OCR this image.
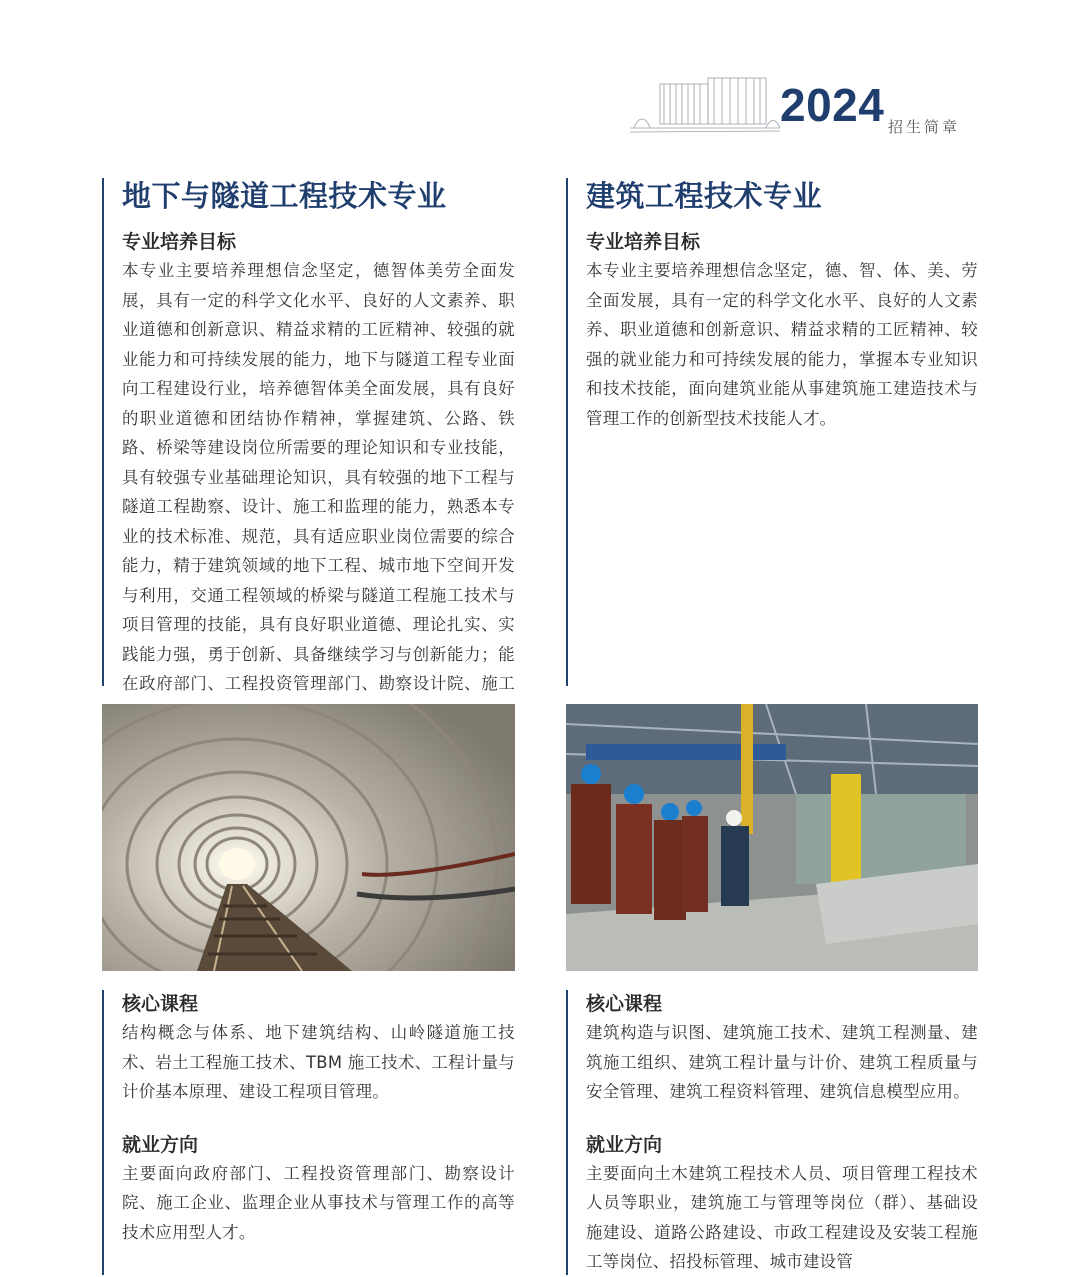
2024 招生简章
地下与隧道工程技术专业
专业培养目标

本专业主要培养理想信念坚定，德智体美劳全面发展，具有一定的科学文化水平、良好的人文素养、职业道德和创新意识、精益求精的工匠精神、较强的就业能力和可持续发展的能力，地下与隧道工程专业面向工程建设行业，培养德智体美全面发展，具有良好的职业道德和团结协作精神，掌握建筑、公路、铁路、桥梁等建设岗位所需要的理论知识和专业技能，具有较强专业基础理论知识，具有较强的地下工程与隧道工程勘察、设计、施工和监理的能力，熟悉本专业的技术标准、规范，具有适应职业岗位需要的综合能力，精于建筑领域的地下工程、城市地下空间开发与利用，交通工程领域的桥梁与隧道工程施工技术与项目管理的技能，具有良好职业道德、理论扎实、实践能力强，勇于创新、具备继续学习与创新能力；能在政府部门、工程投资管理部门、勘察设计院、施工

核心课程

结构概念与体系、地下建筑结构、山岭隧道施工技术、岩土工程施工技术、TBM 施工技术、工程计量与计价基本原理、建设工程项目管理。

就业方向

主要面向政府部门、工程投资管理部门、勘察设计院、施工企业、监理企业从事技术与管理工作的高等技术应用型人才。

建筑工程技术专业
专业培养目标

本专业主要培养理想信念坚定，德、智、体、美、劳全面发展，具有一定的科学文化水平、良好的人文素养、职业道德和创新意识、精益求精的工匠精神、较强的就业能力和可持续发展的能力，掌握本专业知识和技术技能，面向建筑业能从事建筑施工建造技术与管理工作的创新型技术技能人才。

核心课程

建筑构造与识图、建筑施工技术、建筑工程测量、建筑施工组织、建筑工程计量与计价、建筑工程质量与安全管理、建筑工程资料管理、建筑信息模型应用。

就业方向

主要面向土木建筑工程技术人员、项目管理工程技术人员等职业，建筑施工与管理等岗位（群）、基础设施建设、道路公路建设、市政工程建设及安装工程施工等岗位、招投标管理、城市建设管
